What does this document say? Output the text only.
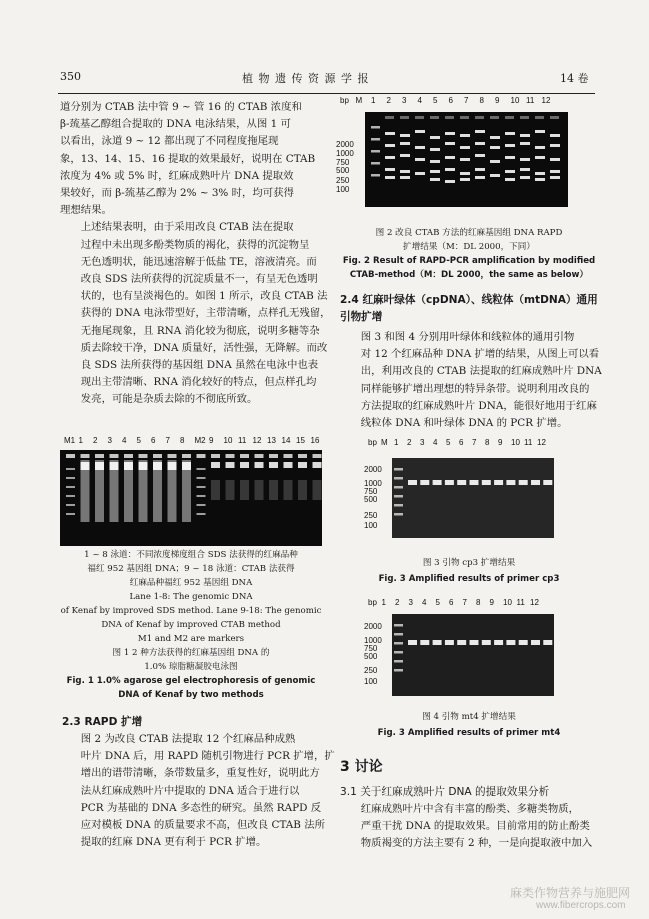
350	植 物 遗 传 资 源 学 报	14 卷

道分别为 CTAB 法中管 9 ~ 管 16 的 CTAB 浓度和
β-巯基乙醇组合提取的 DNA 电泳结果，从图 1 可
以看出，泳道 9 ~ 12 都出现了不同程度拖尾现
象，13、14、15、16 提取的效果最好，说明在 CTAB
浓度为 4% 或 5% 时，红麻成熟叶片 DNA 提取效
果较好，而 β-巯基乙醇为 2% ~ 3% 时，均可获得
理想结果。

上述结果表明，由于采用改良 CTAB 法在提取
过程中未出现多酚类物质的褐化，获得的沉淀物呈
无色透明状，能迅速溶解于低盐 TE，溶液清亮。而
改良 SDS 法所获得的沉淀质量不一，有呈无色透明
状的，也有呈淡褐色的。如图 1 所示，改良 CTAB 法
获得的 DNA 电泳带型好，主带清晰，点样孔无残留，
无拖尾现象，且 RNA 消化较为彻底，说明多糖等杂
质去除较干净，DNA 质量好，活性强，无降解。而改
良 SDS 法所获得的基因组 DNA 虽然在电泳中也表
现出主带清晰、RNA 消化较好的特点，但点样孔均
发亮，可能是杂质去除的不彻底所致。

M1 1 2 3 4 5 6 7 8 M2 9 10 11 12 13 14 15 16
1 ~ 8 泳道：不同浓度梯度组合 SDS 法获得的红麻品种
福红 952 基因组 DNA；9 ~ 18 泳道：CTAB 法获得
红麻品种福红 952 基因组 DNA
Lane 1-8: The genomic DNA
of Kenaf by improved SDS method. Lane 9-18: The genomic
DNA of Kenaf by improved CTAB method
M1 and M2 are markers
图 1 2 种方法获得的红麻基因组 DNA 的
1.0% 琼脂糖凝胶电泳图
Fig. 1 1.0% agarose gel electrophoresis of genomic
DNA of Kenaf by two methods
2.3 RAPD 扩增

图 2 为改良 CTAB 法提取 12 个红麻品种成熟
叶片 DNA 后，用 RAPD 随机引物进行 PCR 扩增，扩
增出的谱带清晰，条带数量多，重复性好，说明此方
法从红麻成熟叶片中提取的 DNA 适合于进行以
PCR 为基础的 DNA 多态性的研究。虽然 RAPD 反
应对模板 DNA 的质量要求不高，但改良 CTAB 法所
提取的红麻 DNA 更有利于 PCR 扩增。

bp M 1 2 3 4 5 6 7 8 9 10 11 12
2000
1000
750
500
250
100
图 2 改良 CTAB 方法的红麻基因组 DNA RAPD
扩增结果（M：DL 2000，下同）
Fig. 2 Result of RAPD-PCR amplification by modified
CTAB-method（M：DL 2000，the same as below）
2.4 红麻叶绿体（cpDNA）、线粒体（mtDNA）通用
引物扩增

图 3 和图 4 分别用叶绿体和线粒体的通用引物
对 12 个红麻品种 DNA 扩增的结果，从图上可以看
出，利用改良的 CTAB 法提取的红麻成熟叶片 DNA
同样能够扩增出理想的特异条带。说明利用改良的
方法提取的红麻成熟叶片 DNA，能很好地用于红麻
线粒体 DNA 和叶绿体 DNA 的 PCR 扩增。

bp M 1 2 3 4 5 6 7 8 9 10 11 12
2000
1000
750
500
250
100
图 3 引物 cp3 扩增结果
Fig. 3 Amplified results of primer cp3
bp 1 2 3 4 5 6 7 8 9 10 11 12
2000
1000
750
500
250
100
图 4 引物 mt4 扩增结果
Fig. 3 Amplified results of primer mt4
3 讨论
3.1 关于红麻成熟叶片 DNA 的提取效果分析

红麻成熟叶片中含有丰富的酚类、多糖类物质，
严重干扰 DNA 的提取效果。目前常用的防止酚类
物质褐变的方法主要有 2 种，一是向提取液中加入

麻类作物营养与施肥网
www.fibercrops.com
